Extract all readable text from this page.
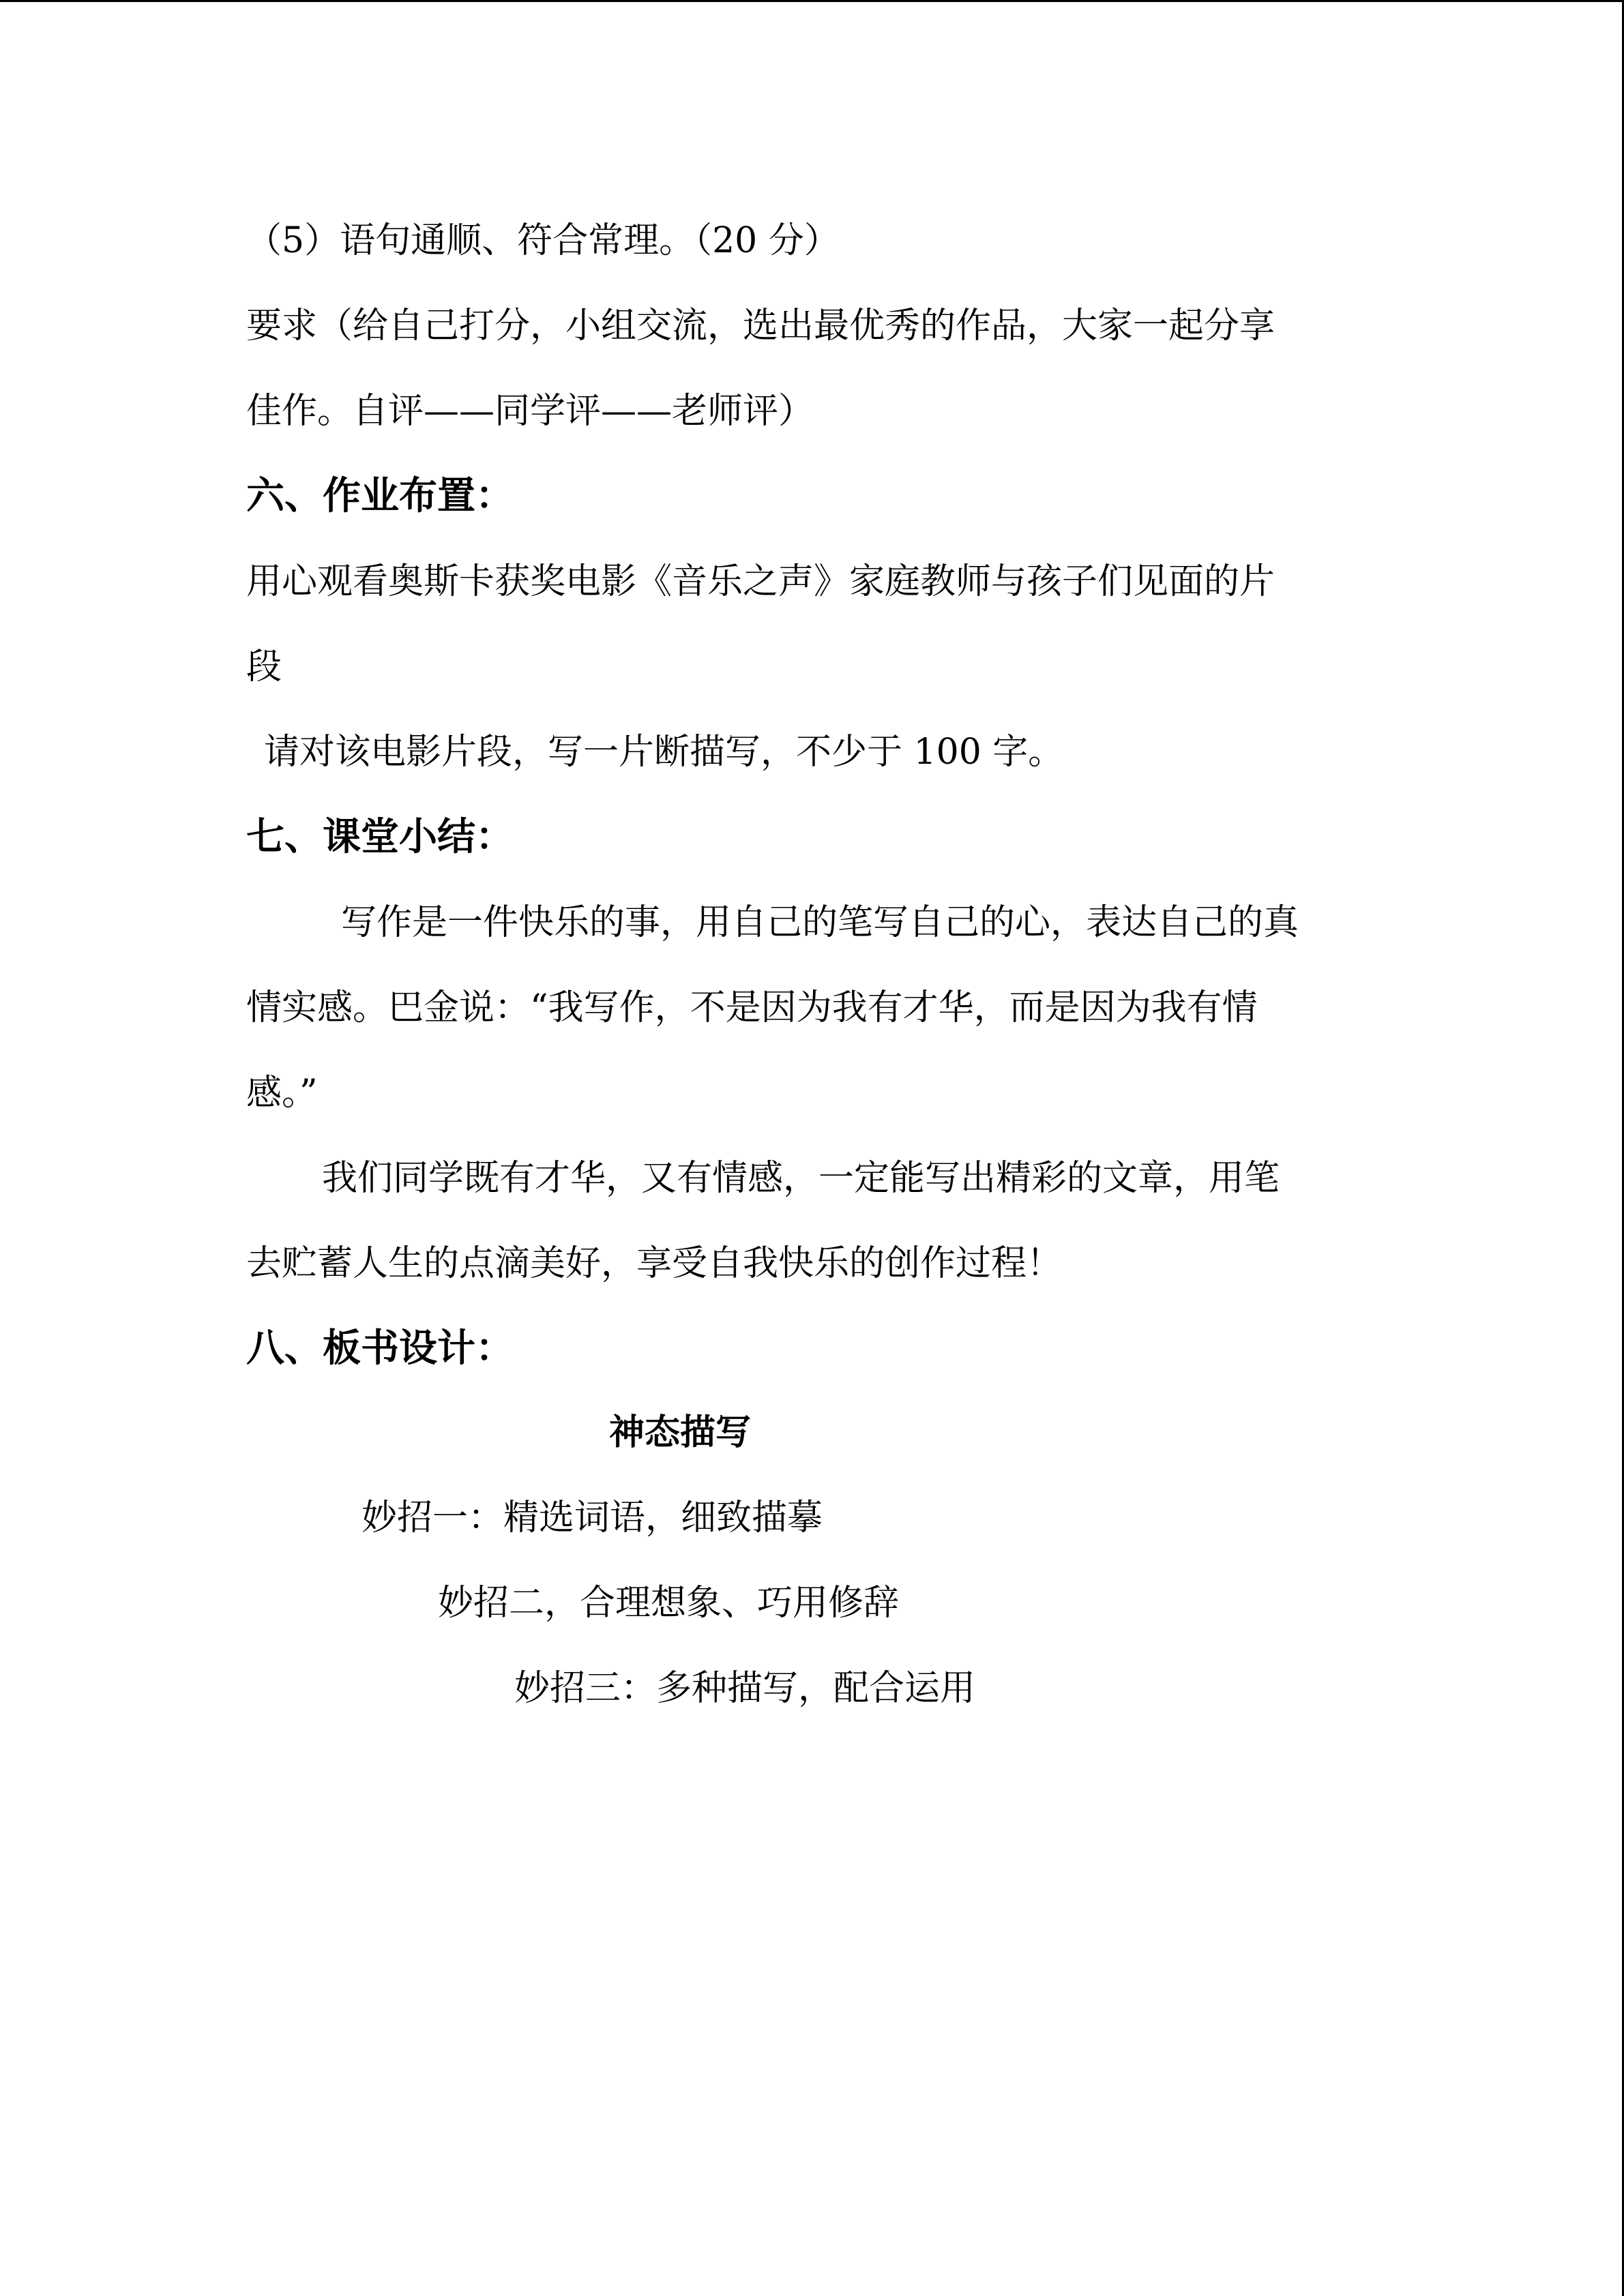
（5）语句通顺、符合常理。（20 分）

要求（给自己打分，小组交流，选出最优秀的作品，大家一起分享

佳作。自评——同学评——老师评）

六、作业布置：

用心观看奥斯卡获奖电影《音乐之声》家庭教师与孩子们见面的片

段

请对该电影片段，写一片断描写，不少于 100 字。

七、课堂小结：

写作是一件快乐的事，用自己的笔写自己的心，表达自己的真

情实感。巴金说：“我写作，不是因为我有才华，而是因为我有情

感。”

我们同学既有才华，又有情感，一定能写出精彩的文章，用笔

去贮蓄人生的点滴美好，享受自我快乐的创作过程！

八、板书设计：

神态描写

妙招一：精选词语，细致描摹

妙招二，合理想象、巧用修辞

妙招三：多种描写，配合运用
